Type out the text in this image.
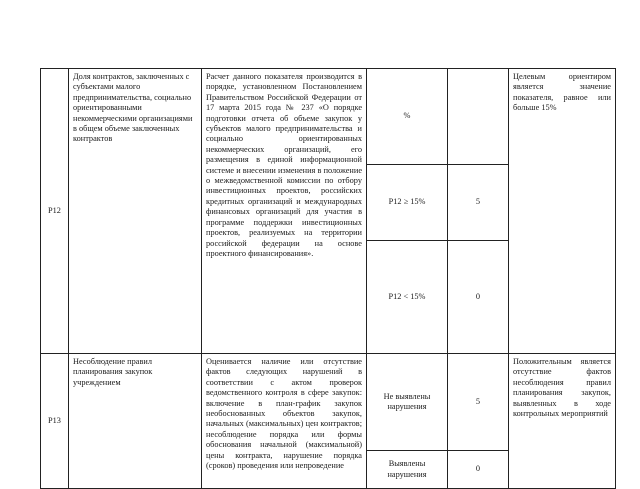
P12	Доля контрактов, заключенных с субъектами малого предпринимательства, социально ориентированными некоммерческими организациями в общем объеме заключенных контрактов	Расчет данного показателя производится в порядке, установленном Постановлением Правительством Российской Федерации от 17 марта 2015 года № 237 «О порядке подготовки отчета об объеме закупок у субъектов малого предпринимательства и социально ориентированных некоммерческих организаций, его размещения в единой информационной системе и внесении изменения в положение о межведомственной комиссии по отбору инвестиционных проектов, российских кредитных организаций и международных финансовых организаций для участия в программе поддержки инвестиционных проектов, реализуемых на территории российской федерации на основе проектного финансирования».	%		Целевым ориентиром является значение показателя, равное или больше 15%
			P12 ≥ 15%	5	
			P12 < 15%	0	
P13	Несоблюдение правил планирования закупок учреждением	Оценивается наличие или отсутствие фактов следующих нарушений в соответствии с актом проверок ведомственного контроля в сфере закупок: включение в план-график закупок необоснованных объектов закупок, начальных (максимальных) цен контрактов; несоблюдение порядка или формы обоснования начальной (максимальной) цены контракта, нарушение порядка (сроков) проведения или непроведение	Не выявлены нарушения	5	Положительным является отсутствие фактов несоблюдения правил планирования закупок, выявленных в ходе контрольных мероприятий
			Выявлены нарушения	0	
